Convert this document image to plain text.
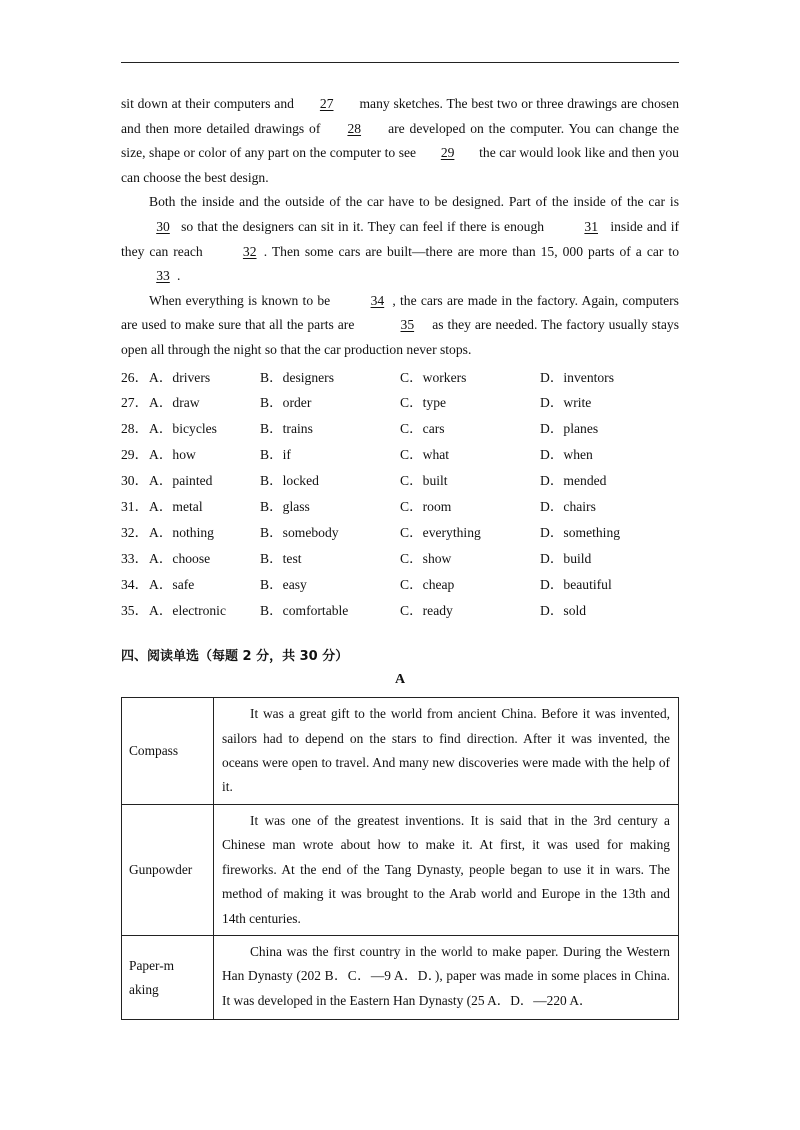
sit down at their computers and 27 many sketches. The best two or three drawings are chosen and then more detailed drawings of 28 are developed on the computer. You can change the size, shape or color of any part on the computer to see 29 the car would look like and then you can choose the best design.

Both the inside and the outside of the car have to be designed. Part of the inside of the car is 30 so that the designers can sit in it. They can feel if there is enough	31 inside and if they can reach	32 . Then some cars are built—there are more than 15, 000 parts of a car to 33 .

When everything is known to be	34 , the cars are made in the factory. Again, computers are used to make sure that all the parts are	35 as they are needed. The factory usually stays open all through the night so that the car production never stops.

26． A．drivers	B．designers	C．workers	D．inventors
27． A．draw	B．order	C．type	D．write
28． A．bicycles	B．trains	C．cars	D．planes
29． A．how	B．if	C．what	D．when
30． A．painted	B．locked	C．built	D．mended
31． A．metal	B．glass	C．room	D．chairs
32． A．nothing	B．somebody	C．everything	D．something
33． A．choose	B．test	C．show	D．build
34． A．safe	B．easy	C．cheap	D．beautiful
35． A．electronic	B．comfortable	C．ready	D．sold
四、阅读单选（每题 2 分，共 30 分）
A
Compass	It was a great gift to the world from ancient China. Before it was invented, sailors had to depend on the stars to find direction. After it was invented, the oceans were open to travel. And many new discoveries were made with the help of it.

Gunpowder	It was one of the greatest inventions. It is said that in the 3rd century a Chinese man wrote about how to make it. At first, it was used for making fireworks. At the end of the Tang Dynasty, people began to use it in wars. The method of making it was brought to the Arab world and Europe in the 13th and 14th centuries.

Paper-making	China was the first country in the world to make paper. During the Western Han Dynasty (202 B．C．—9 A．D．), paper was made in some places in China. It was developed in the Eastern Han Dynasty (25 A．D．—220 A．
